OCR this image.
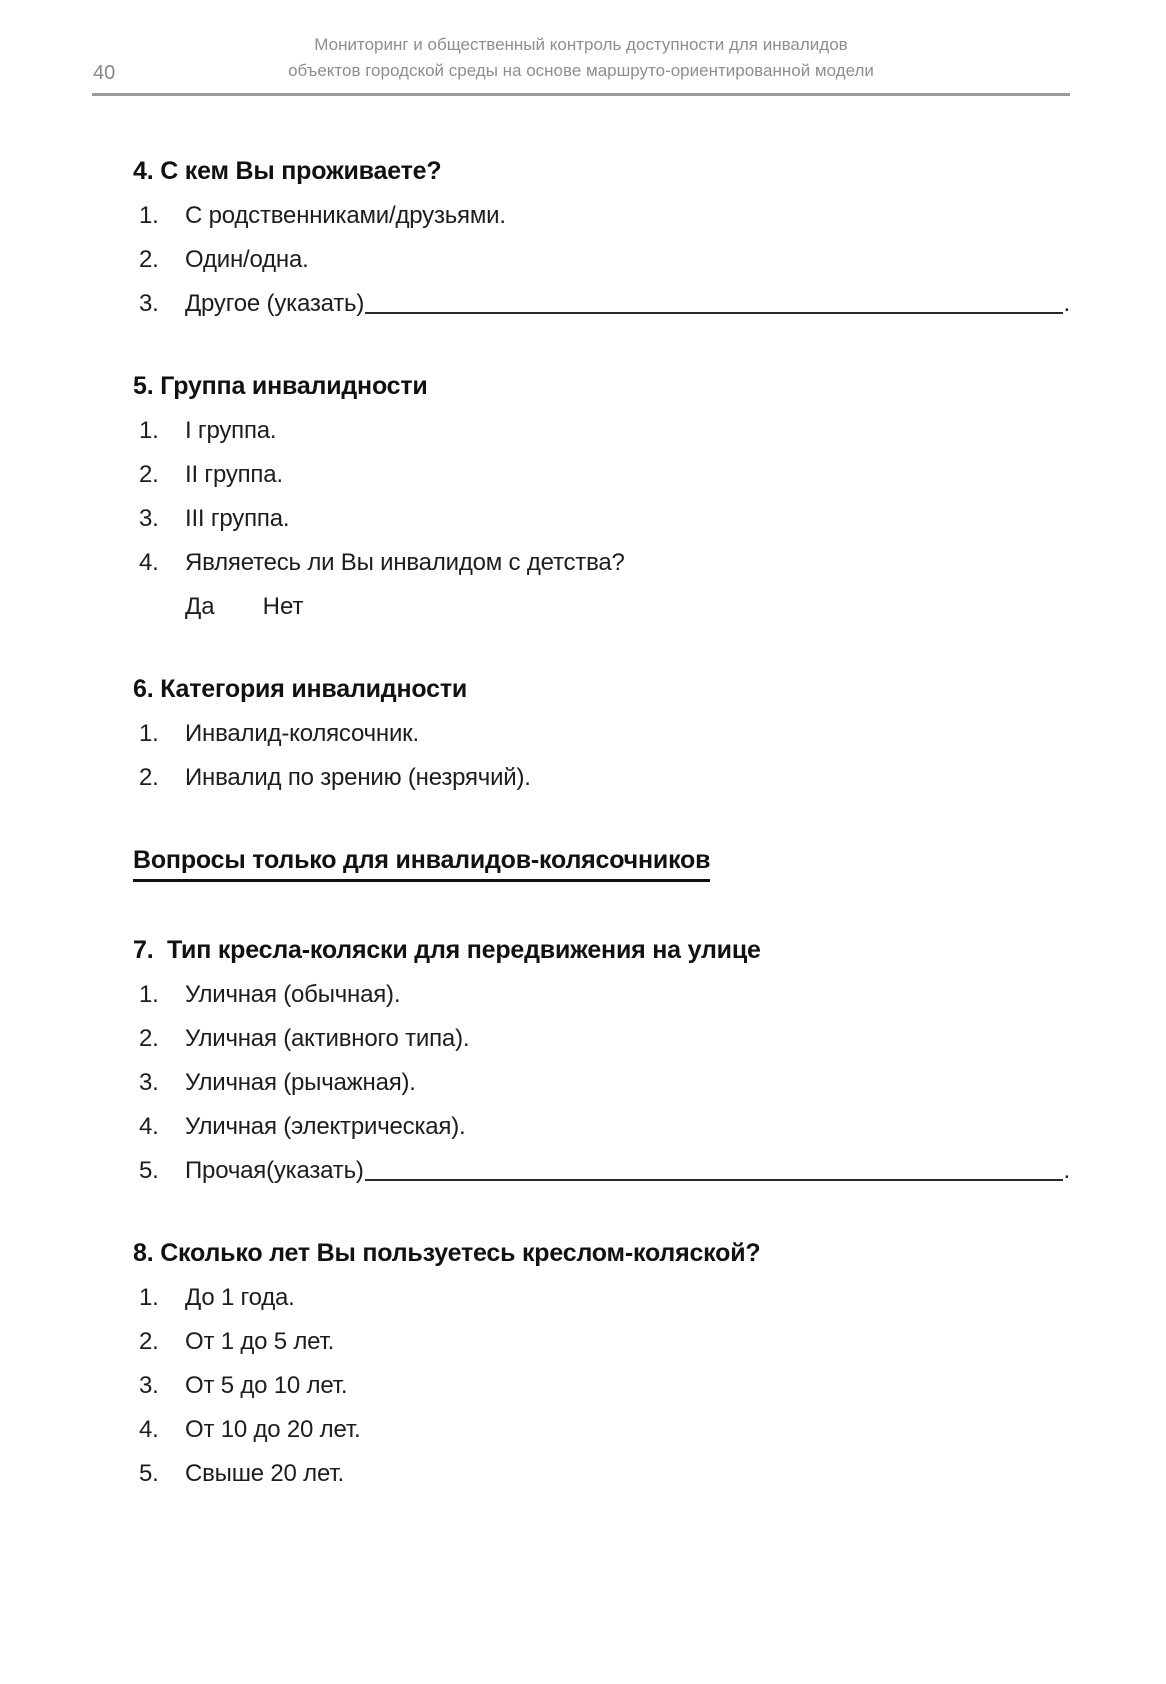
40
Мониторинг и общественный контроль доступности для инвалидов
объектов городской среды на основе маршруто-ориентированной модели
4. С кем Вы проживаете?
1.	С родственниками/друзьями.
2.	Один/одна.
3.	Другое (указать)	.
5. Группа инвалидности
1.	I группа.
2.	II группа.
3.	III группа.
4.	Являетесь ли Вы инвалидом с детства?
Да Нет
6. Категория инвалидности
1.	Инвалид-колясочник.
2.	Инвалид по зрению (незрячий).
Вопросы только для инвалидов-колясочников
7.  Тип кресла-коляски для передвижения на улице
1.	Уличная (обычная).
2.	Уличная (активного типа).
3.	Уличная (рычажная).
4.	Уличная (электрическая).
5.	Прочая(указать)	.
8. Сколько лет Вы пользуетесь креслом-коляской?
1.	До 1 года.
2.	От 1 до 5 лет.
3.	От 5 до 10 лет.
4.	От 10 до 20 лет.
5.	Свыше 20 лет.
